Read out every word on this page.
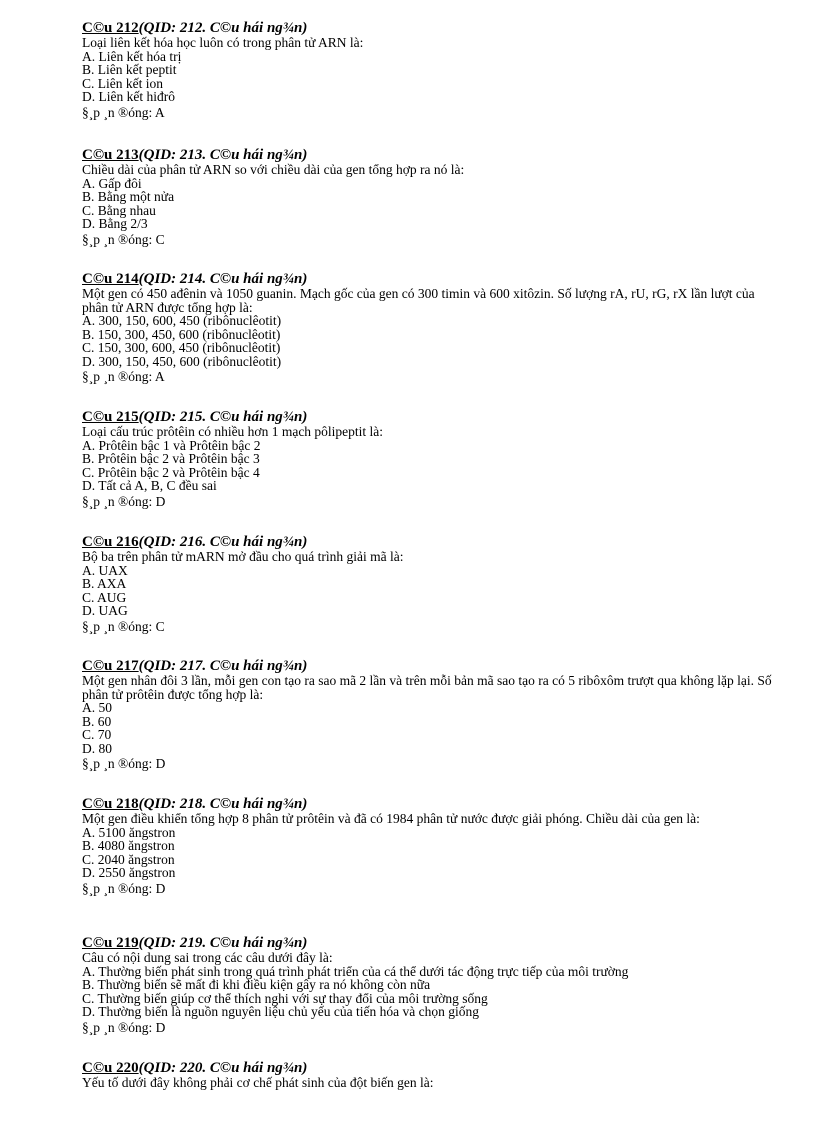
C©u 212(QID: 212. C©u hái ng¾n)
Loại liên kết hóa học luôn có trong phân tử ARN là:
A. Liên kết hóa trị
B. Liên kết peptit
C. Liên kết ion
D. Liên kết hiđrô
§¸p ¸n ®óng: A
C©u 213(QID: 213. C©u hái ng¾n)
Chiều dài của phân tử ARN so với chiều dài của gen tổng hợp ra nó là:
A. Gấp đôi
B. Bằng một nửa
C. Bằng nhau
D. Bằng 2/3
§¸p ¸n ®óng: C
C©u 214(QID: 214. C©u hái ng¾n)
Một gen có 450 ađênin và 1050 guanin. Mạch gốc của gen có 300 timin và 600 xitôzin. Số lượng rA, rU, rG, rX lần lượt của phân tử ARN được tổng hợp là:
A. 300, 150, 600, 450 (ribônuclêotit)
B. 150, 300, 450, 600 (ribônuclêotit)
C. 150, 300, 600, 450 (ribônuclêotit)
D. 300, 150, 450, 600 (ribônuclêotit)
§¸p ¸n ®óng: A
C©u 215(QID: 215. C©u hái ng¾n)
Loại cấu trúc prôtêin có nhiều hơn 1 mạch pôlipeptit là:
A. Prôtêin bậc 1 và Prôtêin bậc 2
B. Prôtêin bậc 2 và Prôtêin bậc 3
C. Prôtêin bậc 2 và Prôtêin bậc 4
D. Tất cả A, B, C đều sai
§¸p ¸n ®óng: D
C©u 216(QID: 216. C©u hái ng¾n)
Bộ ba trên phân tử mARN mở đầu cho quá trình giải mã là:
A. UAX
B. AXA
C. AUG
D. UAG
§¸p ¸n ®óng: C
C©u 217(QID: 217. C©u hái ng¾n)
Một gen nhân đôi 3 lần, mỗi gen con tạo ra sao mã 2 lần và trên mỗi bản mã sao tạo ra có 5 ribôxôm trượt qua không lặp lại. Số phân tử prôtêin được tổng hợp là:
A. 50
B. 60
C. 70
D. 80
§¸p ¸n ®óng: D
C©u 218(QID: 218. C©u hái ng¾n)
Một gen điều khiển tổng hợp 8 phân tử prôtêin và đã có 1984 phân tử nước được giải phóng. Chiều dài của gen là:
A. 5100 ăngstron
B. 4080 ăngstron
C. 2040 ăngstron
D. 2550 ăngstron
§¸p ¸n ®óng: D
C©u 219(QID: 219. C©u hái ng¾n)
Câu có nội dung sai trong các câu dưới đây là:
A. Thường biến phát sinh trong quá trình phát triển của cá thể dưới tác động trực tiếp của môi trường
B. Thường biến sẽ mất đi khi điều kiện gây ra nó không còn nữa
C. Thường biến giúp cơ thể thích nghi với sự thay đổi của môi trường sống
D. Thường biến là nguồn nguyên liệu chủ yếu của tiến hóa và chọn giống
§¸p ¸n ®óng: D
C©u 220(QID: 220. C©u hái ng¾n)
Yếu tố dưới đây không phải cơ chế phát sinh của đột biến gen là:
